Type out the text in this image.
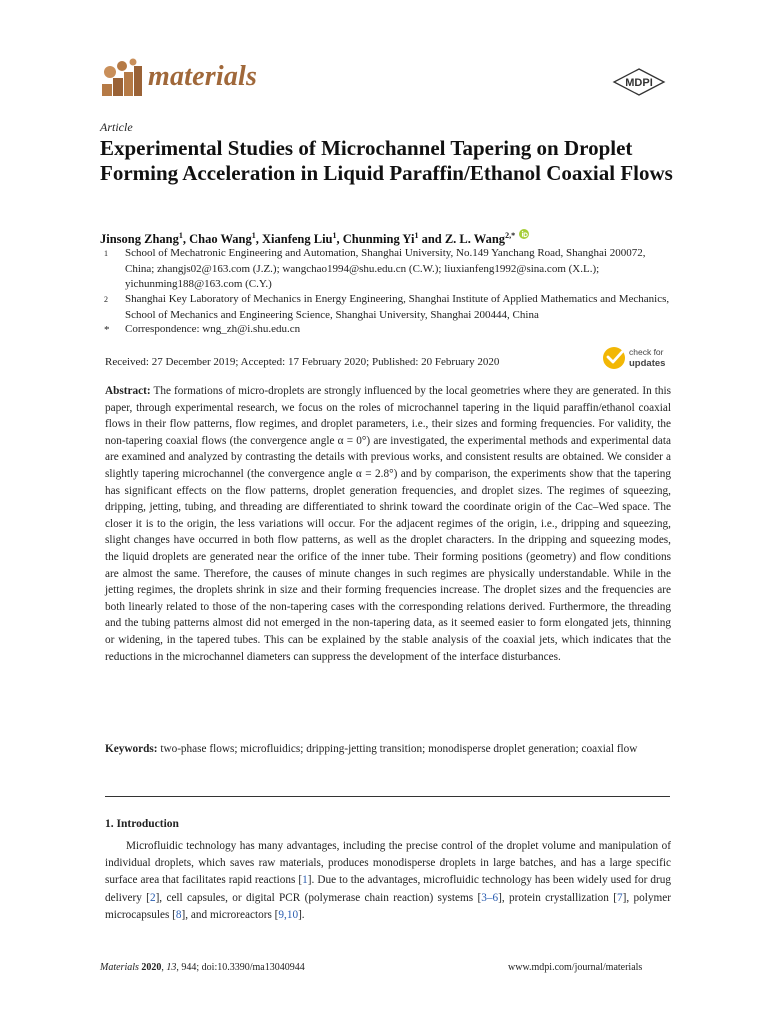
materials	MDPI
Article
Experimental Studies of Microchannel Tapering on Droplet Forming Acceleration in Liquid Paraffin/Ethanol Coaxial Flows
Jinsong Zhang$^1$, Chao Wang$^1$, Xianfeng Liu$^1$, Chunming Yi$^1$ and Z. L. Wang$^{2,*}$
1 School of Mechatronic Engineering and Automation, Shanghai University, No.149 Yanchang Road, Shanghai 200072, China; zhangjs02@163.com (J.Z.); wangchao1994@shu.edu.cn (C.W.); liuxianfeng1992@sina.com (X.L.); yichunming188@163.com (C.Y.)
2 Shanghai Key Laboratory of Mechanics in Energy Engineering, Shanghai Institute of Applied Mathematics and Mechanics, School of Mechanics and Engineering Science, Shanghai University, Shanghai 200444, China
* Correspondence: wng_zh@i.shu.edu.cn
Received: 27 December 2019; Accepted: 17 February 2020; Published: 20 February 2020
check for
updates
Abstract: The formations of micro-droplets are strongly influenced by the local geometries where they are generated. In this paper, through experimental research, we focus on the roles of microchannel tapering in the liquid paraffin/ethanol coaxial flows in their flow patterns, flow regimes, and droplet parameters, i.e., their sizes and forming frequencies. For validity, the non-tapering coaxial flows (the convergence angle α = 0°) are investigated, the experimental methods and experimental data are examined and analyzed by contrasting the details with previous works, and consistent results are obtained. We consider a slightly tapering microchannel (the convergence angle α = 2.8°) and by comparison, the experiments show that the tapering has significant effects on the flow patterns, droplet generation frequencies, and droplet sizes. The regimes of squeezing, dripping, jetting, tubing, and threading are differentiated to shrink toward the coordinate origin of the Cac–Wed space. The closer it is to the origin, the less variations will occur. For the adjacent regimes of the origin, i.e., dripping and squeezing, slight changes have occurred in both flow patterns, as well as the droplet characters. In the dripping and squeezing modes, the liquid droplets are generated near the orifice of the inner tube. Their forming positions (geometry) and flow conditions are almost the same. Therefore, the causes of minute changes in such regimes are physically understandable. While in the jetting regimes, the droplets shrink in size and their forming frequencies increase. The droplet sizes and the frequencies are both linearly related to those of the non-tapering cases with the corresponding relations derived. Furthermore, the threading and the tubing patterns almost did not emerged in the non-tapering data, as it seemed easier to form elongated jets, thinning or widening, in the tapered tubes. This can be explained by the stable analysis of the coaxial jets, which indicates that the reductions in the microchannel diameters can suppress the development of the interface disturbances.
Keywords: two-phase flows; microfluidics; dripping-jetting transition; monodisperse droplet generation; coaxial flow
1. Introduction
Microfluidic technology has many advantages, including the precise control of the droplet volume and manipulation of individual droplets, which saves raw materials, produces monodisperse droplets in large batches, and has a large specific surface area that facilitates rapid reactions [1]. Due to the advantages, microfluidic technology has been widely used for drug delivery [2], cell capsules, or digital PCR (polymerase chain reaction) systems [3–6], protein crystallization [7], polymer microcapsules [8], and microreactors [9,10].
Materials 2020, 13, 944; doi:10.3390/ma13040944	www.mdpi.com/journal/materials
